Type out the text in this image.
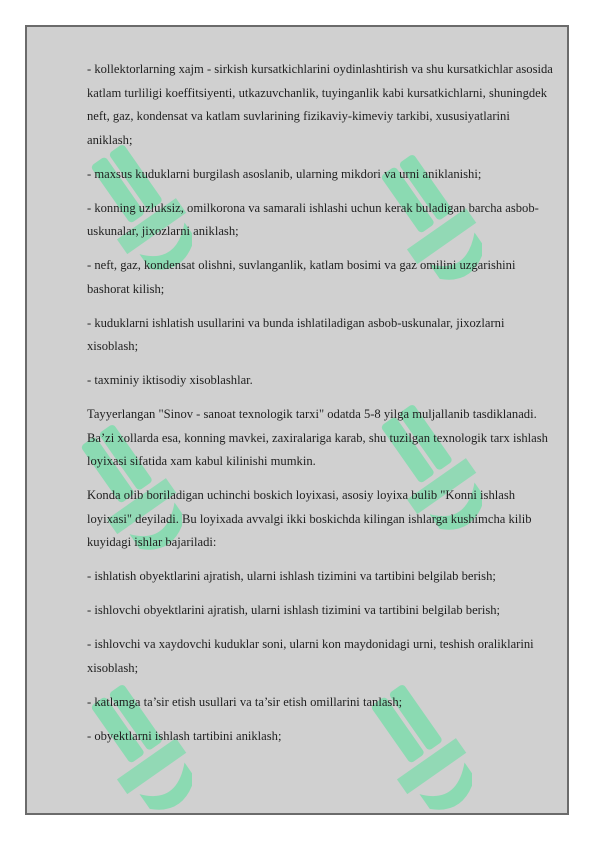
- kollektorlarning xajm - sirkish kursatkichlarini oydinlashtirish va shu kursatkichlar asosida katlam turliligi koeffitsiyenti, utkazuvchanlik, tuyinganlik kabi kursatkichlarni, shuningdek neft, gaz, kondensat va katlam suvlarining fizikaviy-kimeviy tarkibi, xususiyatlarini aniklash;

- maxsus kuduklarni burgilash asoslanib, ularning mikdori va urni aniklanishi;

- konning uzluksiz, omilkorona va samarali ishlashi uchun kerak buladigan barcha asbob-uskunalar, jixozlarni aniklash;

- neft, gaz, kondensat olishni, suvlanganlik, katlam bosimi va gaz omilini uzgarishini bashorat kilish;

- kuduklarni ishlatish usullarini va bunda ishlatiladigan asbob-uskunalar, jixozlarni xisoblash;

- taxminiy iktisodiy xisoblashlar.

Tayyerlangan "Sinov - sanoat texnologik tarxi" odatda 5-8 yilga muljallanib tasdiklanadi. Ba’zi xollarda esa, konning mavkei, zaxiralariga karab, shu tuzilgan texnologik tarx ishlash loyixasi sifatida xam kabul kilinishi mumkin.

Konda olib boriladigan uchinchi boskich loyixasi, asosiy loyixa bulib "Konni ishlash loyixasi" deyiladi. Bu loyixada avvalgi ikki boskichda kilingan ishlarga kushimcha kilib kuyidagi ishlar bajariladi:

- ishlatish obyektlarini ajratish, ularni ishlash tizimini va tartibini belgilab berish;

- ishlovchi obyektlarini ajratish, ularni ishlash tizimini va tartibini belgilab berish;

- ishlovchi va xaydovchi kuduklar soni, ularni kon maydonidagi urni, teshish oraliklarini xisoblash;

- katlamga ta’sir etish usullari va ta’sir etish omillarini tanlash;

- obyektlarni ishlash tartibini aniklash;
